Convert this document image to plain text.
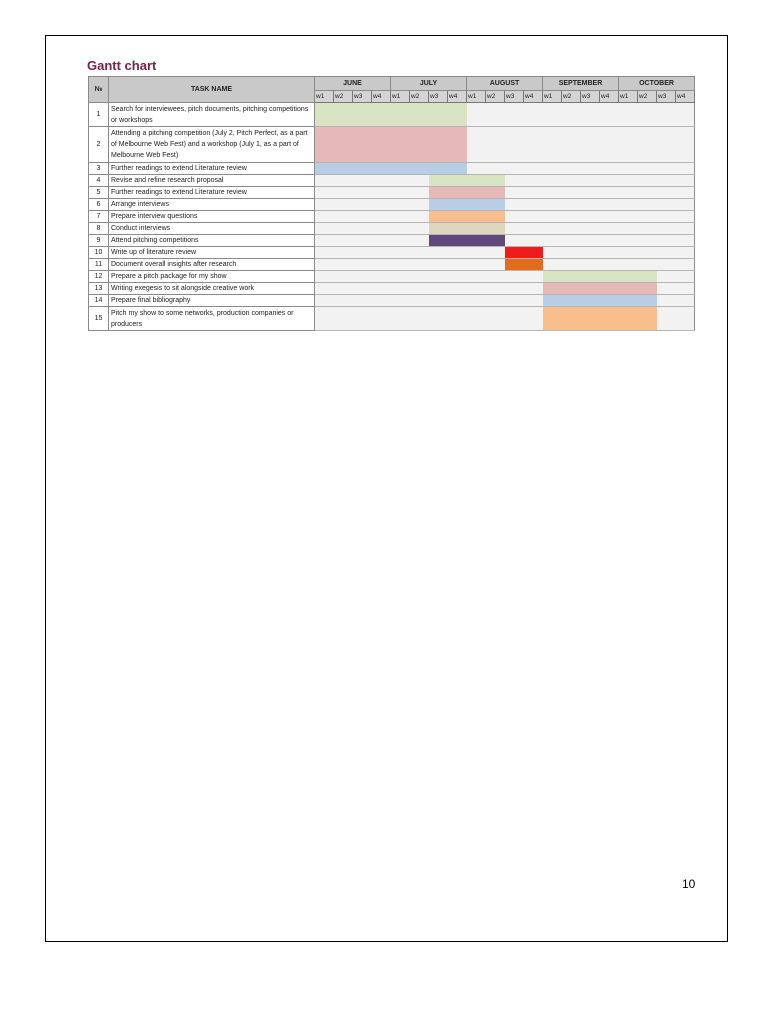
Gantt chart
№	TASK NAME	JUNE				JULY				AUGUST				SEPTEMBER				OCTOBER			
		w1	w2	w3	w4	w1	w2	w3	w4	w1	w2	w3	w4	w1	w2	w3	w4	w1	w2	w3	w4
1	Search for interviewees, pitch documents, pitching competitions or workshops																				
2	Attending a pitching competition (July 2, Pitch Perfect, as a part of Melbourne Web Fest) and a workshop (July 1, as a part of Melbourne Web Fest)																				
3	Further readings to extend Literature review																				
4	Revise and refine research proposal																				
5	Further readings to extend Literature review																				
6	Arrange interviews																				
7	Prepare interview questions																				
8	Conduct interviews																				
9	Attend pitching competitions																				
10	Write up of literature review																				
11	Document overall insights after research																				
12	Prepare a pitch package for my show																				
13	Writing exegesis to sit alongside creative work																				
14	Prepare final bibliography																				
15	Pitch my show to some networks, production companies or producers																				
10
